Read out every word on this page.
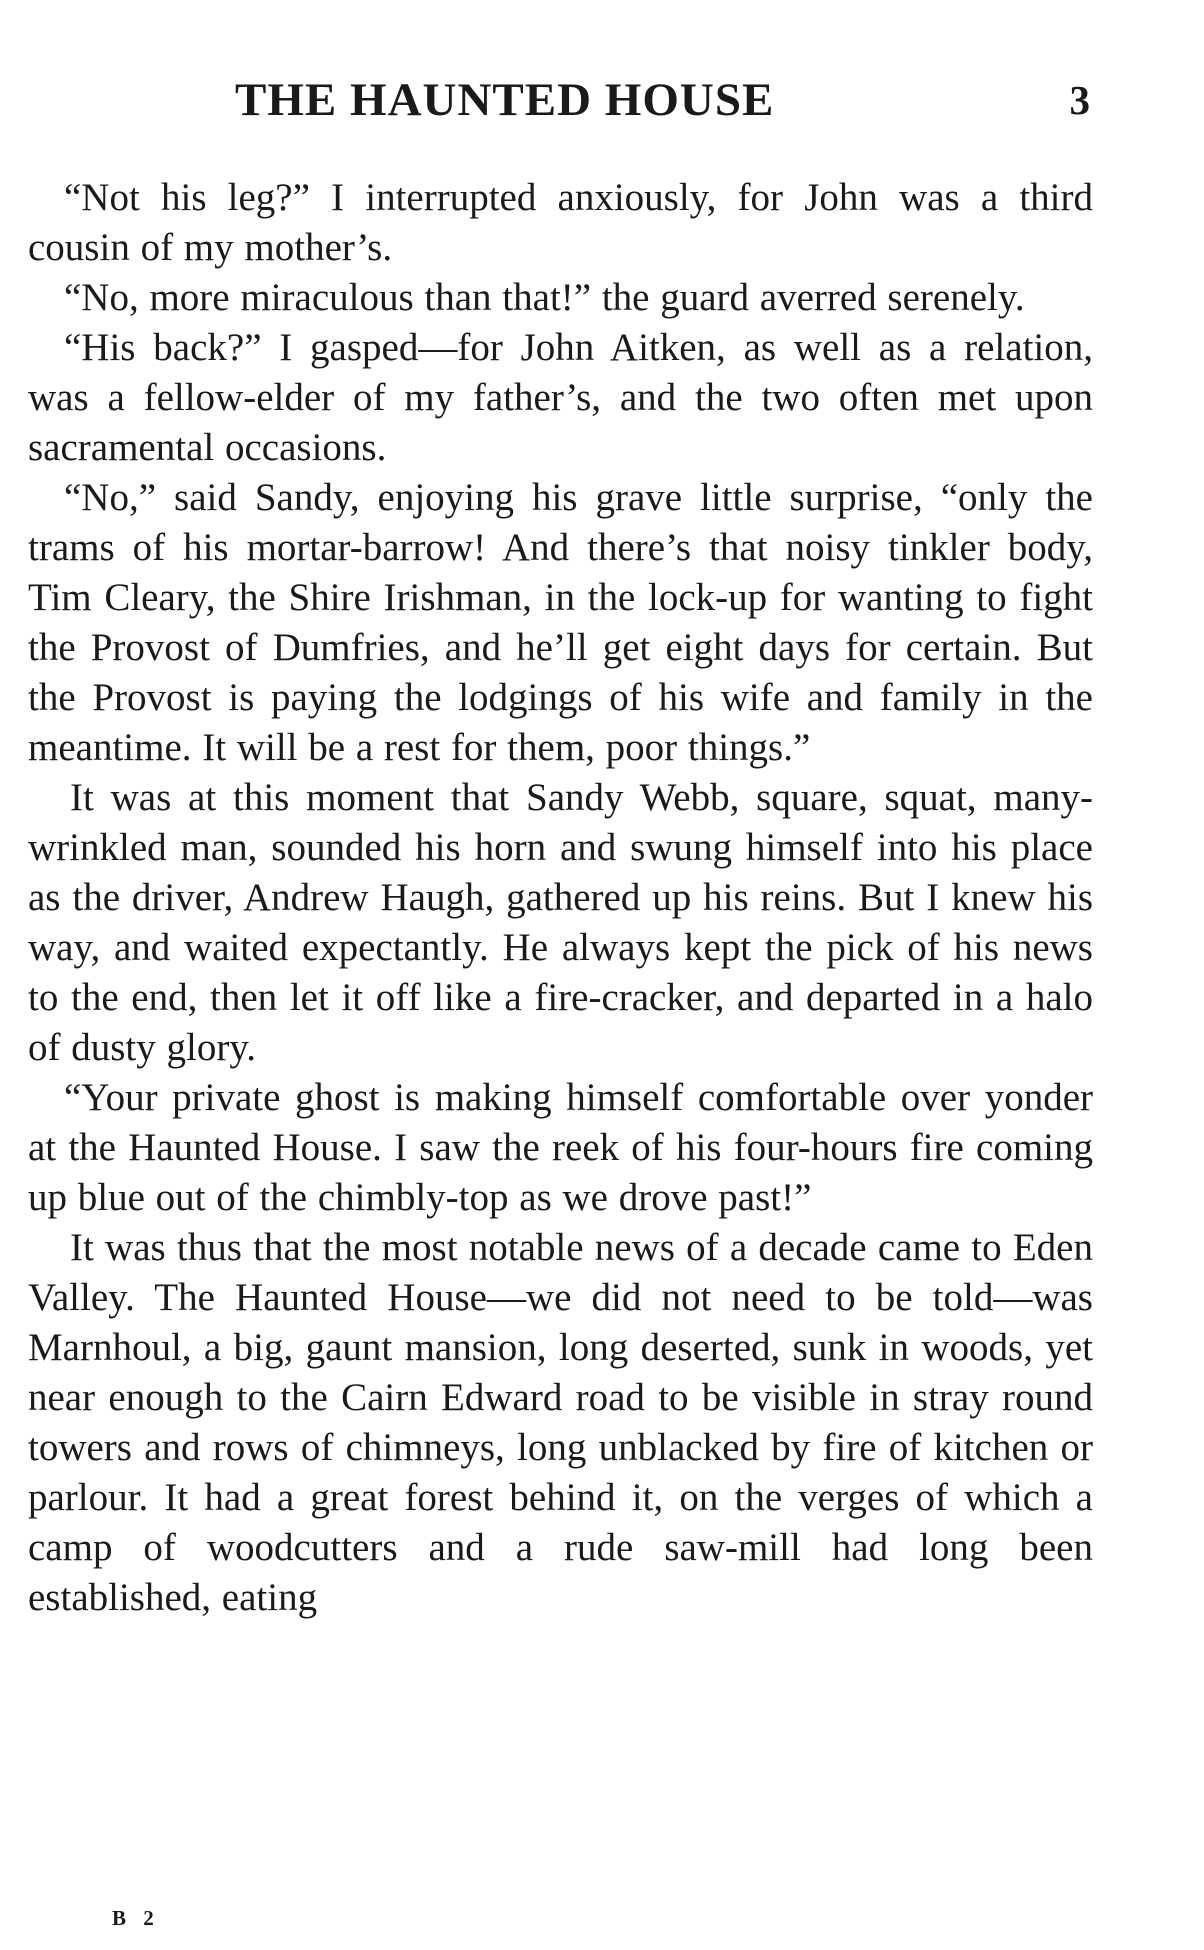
THE HAUNTED HOUSE	3

“Not his leg?” I interrupted anxiously, for John was a third cousin of my mother’s.

“No, more miraculous than that!” the guard averred serenely.

“His back?” I gasped—for John Aitken, as well as a relation, was a fellow-elder of my father’s, and the two often met upon sacramental occasions.

“No,” said Sandy, enjoying his grave little surprise, “only the trams of his mortar-barrow! And there’s that noisy tinkler body, Tim Cleary, the Shire Irishman, in the lock-up for wanting to fight the Provost of Dumfries, and he’ll get eight days for certain. But the Provost is paying the lodgings of his wife and family in the meantime. It will be a rest for them, poor things.”

It was at this moment that Sandy Webb, square, squat, many-wrinkled man, sounded his horn and swung himself into his place as the driver, Andrew Haugh, gathered up his reins. But I knew his way, and waited expectantly. He always kept the pick of his news to the end, then let it off like a fire-cracker, and departed in a halo of dusty glory.

“Your private ghost is making himself comfortable over yonder at the Haunted House. I saw the reek of his four-hours fire coming up blue out of the chimbly-top as we drove past!”

It was thus that the most notable news of a decade came to Eden Valley. The Haunted House—we did not need to be told—was Marnhoul, a big, gaunt mansion, long deserted, sunk in woods, yet near enough to the Cairn Edward road to be visible in stray round towers and rows of chimneys, long unblacked by fire of kitchen or parlour. It had a great forest behind it, on the verges of which a camp of woodcutters and a rude saw-mill had long been established, eating

B 2
